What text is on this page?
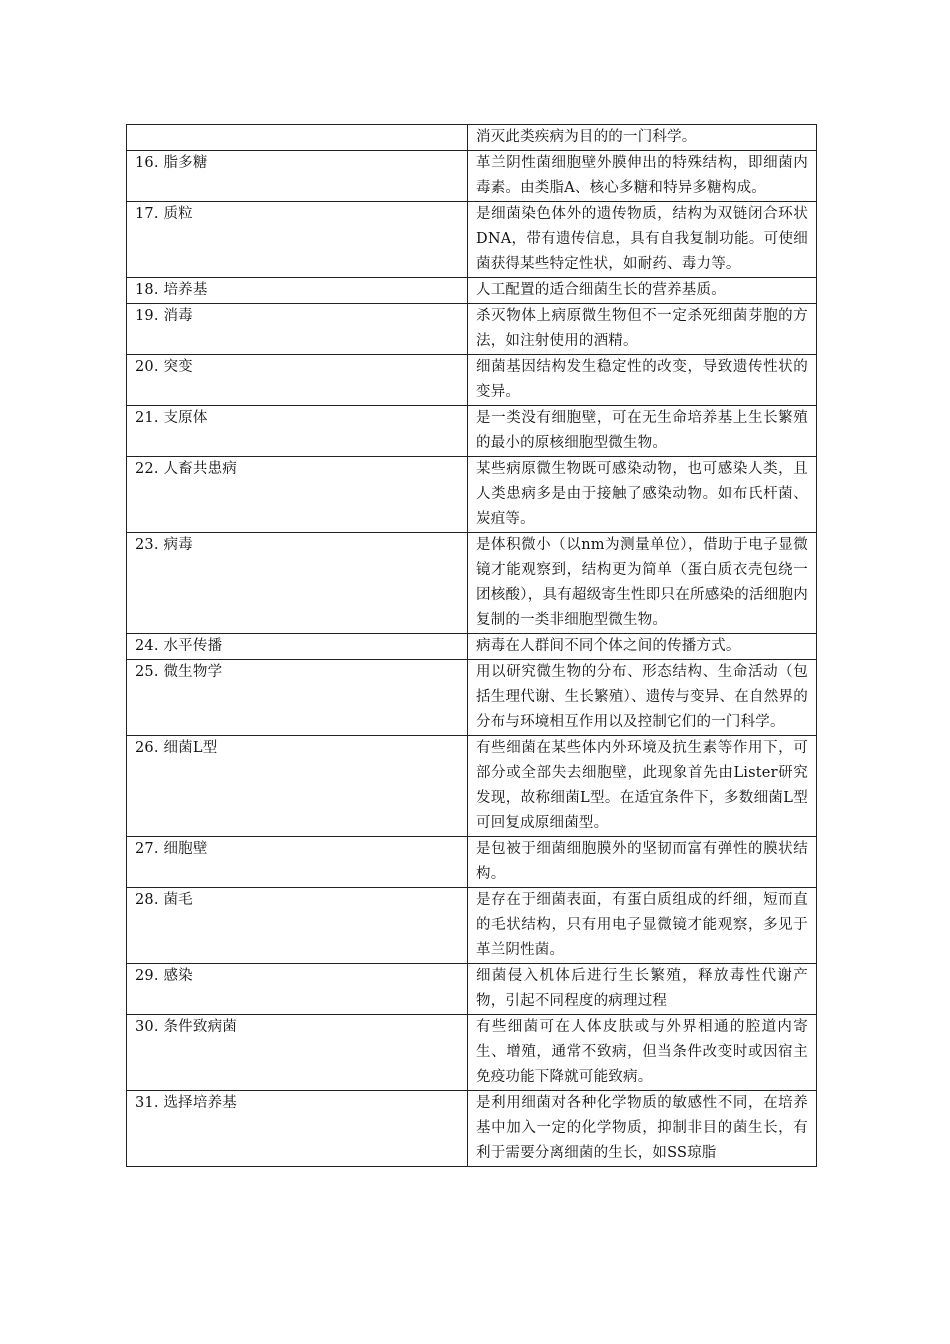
	消灭此类疾病为目的的一门科学。
16. 脂多糖	革兰阴性菌细胞壁外膜伸出的特殊结构，即细菌内毒素。由类脂A、核心多糖和特异多糖构成。
17. 质粒	是细菌染色体外的遗传物质，结构为双链闭合环状DNA，带有遗传信息，具有自我复制功能。可使细菌获得某些特定性状，如耐药、毒力等。
18. 培养基	人工配置的适合细菌生长的营养基质。
19. 消毒	杀灭物体上病原微生物但不一定杀死细菌芽胞的方法，如注射使用的酒精。
20. 突变	细菌基因结构发生稳定性的改变，导致遗传性状的变异。
21. 支原体	是一类没有细胞壁，可在无生命培养基上生长繁殖的最小的原核细胞型微生物。
22. 人畜共患病	某些病原微生物既可感染动物，也可感染人类，且人类患病多是由于接触了感染动物。如布氏杆菌、炭疽等。
23. 病毒	是体积微小（以nm为测量单位），借助于电子显微镜才能观察到，结构更为简单（蛋白质衣壳包绕一团核酸），具有超级寄生性即只在所感染的活细胞内复制的一类非细胞型微生物。
24. 水平传播	病毒在人群间不同个体之间的传播方式。
25. 微生物学	用以研究微生物的分布、形态结构、生命活动（包括生理代谢、生长繁殖）、遗传与变异、在自然界的分布与环境相互作用以及控制它们的一门科学。
26. 细菌L型	有些细菌在某些体内外环境及抗生素等作用下，可部分或全部失去细胞壁，此现象首先由Lister研究发现，故称细菌L型。在适宜条件下，多数细菌L型可回复成原细菌型。
27. 细胞壁	是包被于细菌细胞膜外的坚韧而富有弹性的膜状结构。
28. 菌毛	是存在于细菌表面，有蛋白质组成的纤细，短而直的毛状结构，只有用电子显微镜才能观察，多见于革兰阴性菌。
29. 感染	细菌侵入机体后进行生长繁殖，释放毒性代谢产物，引起不同程度的病理过程
30. 条件致病菌	有些细菌可在人体皮肤或与外界相通的腔道内寄生、增殖，通常不致病，但当条件改变时或因宿主免疫功能下降就可能致病。
31. 选择培养基	是利用细菌对各种化学物质的敏感性不同，在培养基中加入一定的化学物质，抑制非目的菌生长，有利于需要分离细菌的生长，如SS琼脂
